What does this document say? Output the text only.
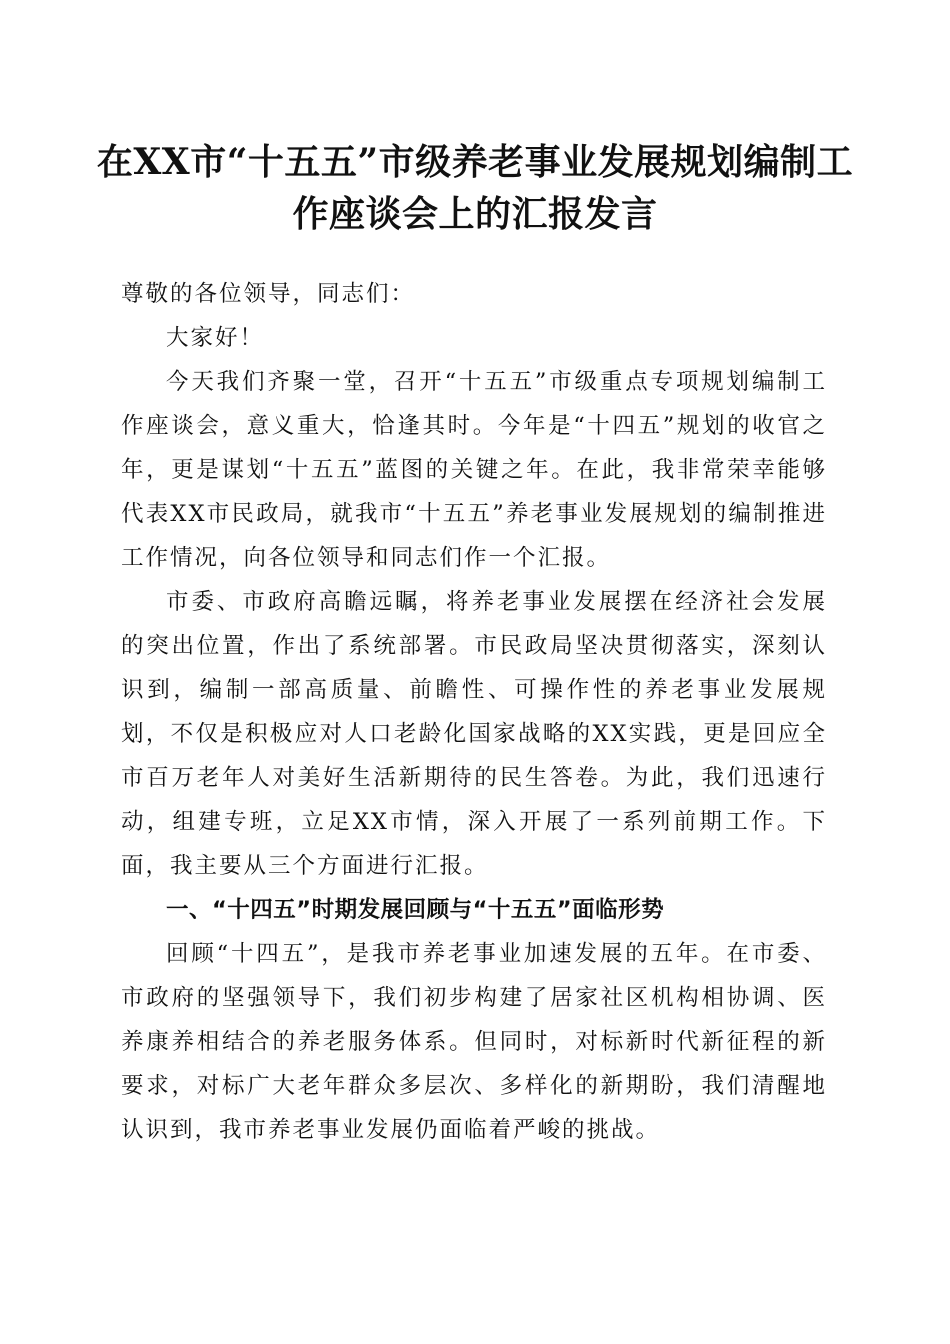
在XX市“十五五”市级养老事业发展规划编制工作座谈会上的汇报发言

尊敬的各位领导，同志们：

大家好！

今天我们齐聚一堂，召开“十五五”市级重点专项规划编制工作座谈会，意义重大，恰逢其时。今年是“十四五”规划的收官之年，更是谋划“十五五”蓝图的关键之年。在此，我非常荣幸能够代表XX市民政局，就我市“十五五”养老事业发展规划的编制推进工作情况，向各位领导和同志们作一个汇报。

市委、市政府高瞻远瞩，将养老事业发展摆在经济社会发展的突出位置，作出了系统部署。市民政局坚决贯彻落实，深刻认识到，编制一部高质量、前瞻性、可操作性的养老事业发展规划，不仅是积极应对人口老龄化国家战略的XX实践，更是回应全市百万老年人对美好生活新期待的民生答卷。为此，我们迅速行动，组建专班，立足XX市情，深入开展了一系列前期工作。下面，我主要从三个方面进行汇报。

一、“十四五”时期发展回顾与“十五五”面临形势

回顾“十四五”，是我市养老事业加速发展的五年。在市委、市政府的坚强领导下，我们初步构建了居家社区机构相协调、医养康养相结合的养老服务体系。但同时，对标新时代新征程的新要求，对标广大老年群众多层次、多样化的新期盼，我们清醒地认识到，我市养老事业发展仍面临着严峻的挑战。
